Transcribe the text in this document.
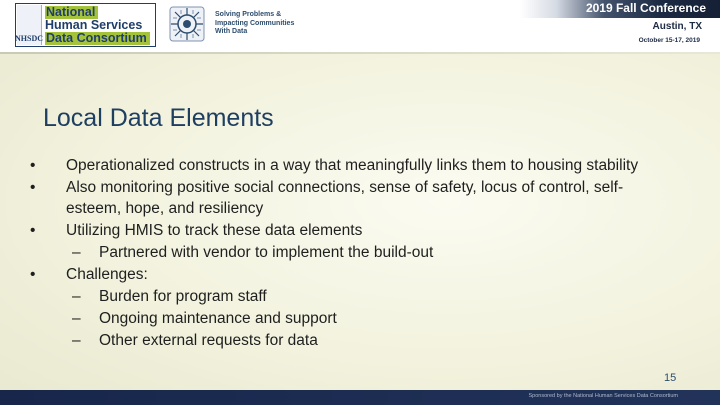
NHSDC
National
Human Services
Data Consortium
Solving Problems &
Impacting Communities
With Data
2019 Fall Conference
Austin, TX
October 15-17, 2019
Local Data Elements
•	Operationalized constructs in a way that meaningfully links them to housing stability
•	Also monitoring positive social connections, sense of safety, locus of control, self-esteem, hope, and resiliency
•	Utilizing HMIS to track these data elements
– Partnered with vendor to implement the build-out
•	Challenges:
– Burden for program staff
– Ongoing maintenance and support
– Other external requests for data
15
Sponsored by the National Human Services Data Consortium
